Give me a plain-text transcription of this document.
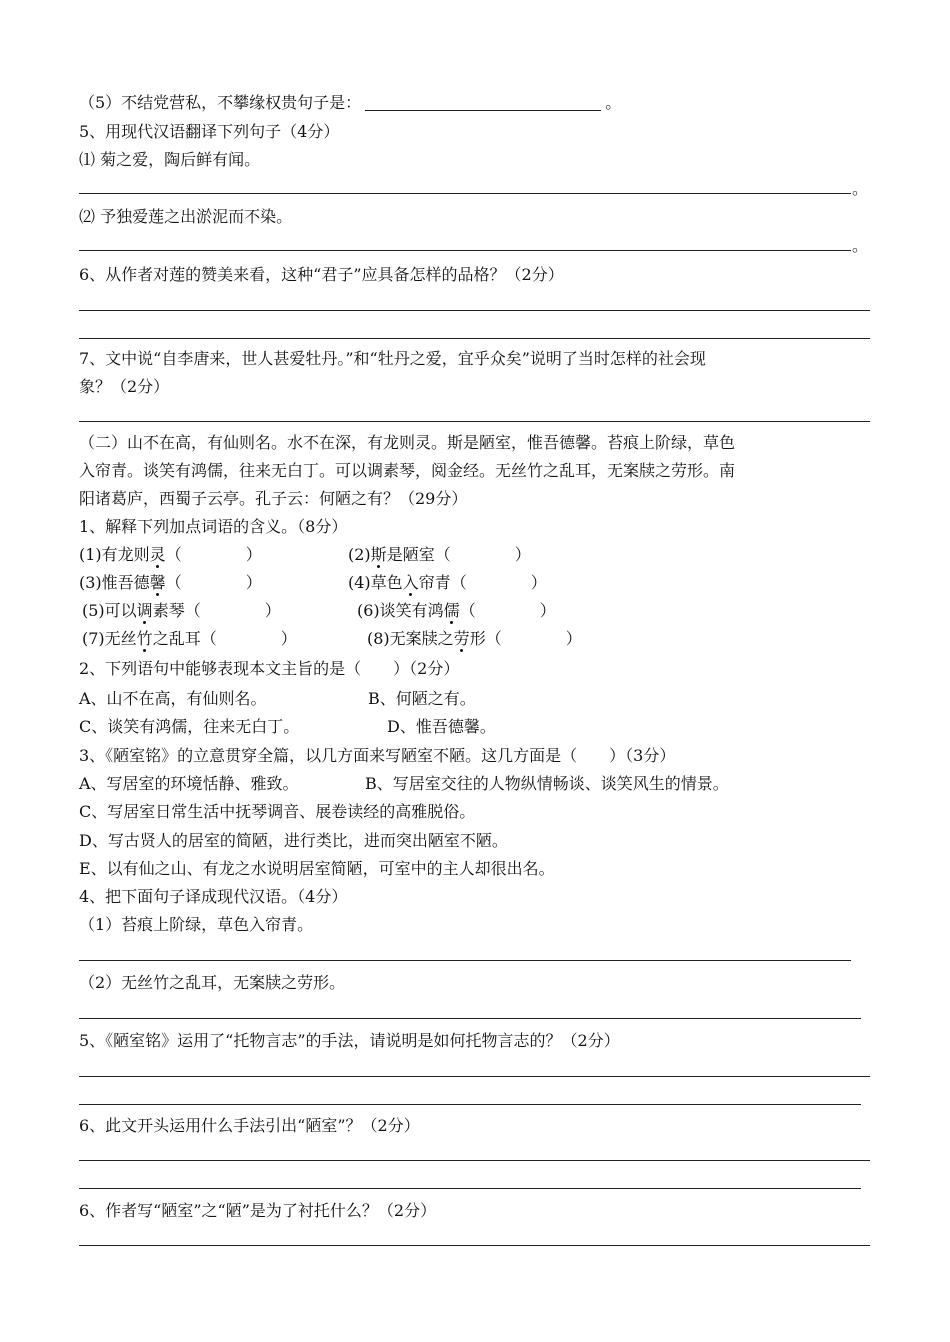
（5）不结党营私，不攀缘权贵句子是：	。
5、用现代汉语翻译下列句子（4分）
⑴ 菊之爱，陶后鲜有闻。
。
⑵ 予独爱莲之出淤泥而不染。
。
6、从作者对莲的赞美来看，这种“君子”应具备怎样的品格？（2分）
7、文中说“自李唐来，世人甚爱牡丹。”和“牡丹之爱，宜乎众矣”说明了当时怎样的社会现
象？（2分）
（二）山不在高，有仙则名。水不在深，有龙则灵。斯是陋室，惟吾德馨。苔痕上阶绿，草色
入帘青。谈笑有鸿儒，往来无白丁。可以调素琴，阅金经。无丝竹之乱耳，无案牍之劳形。南
阳诸葛庐，西蜀子云亭。孔子云：何陋之有？（29分）
1、解释下列加点词语的含义。（8分）
(1)有龙则灵（　　　　）	(2)斯是陋室（　　　　）
(3)惟吾德馨（　　　　）	(4)草色入帘青（　　　　）
(5)可以调素琴（　　　　）	(6)谈笑有鸿儒（　　　　）
(7)无丝竹之乱耳（　　　　）	(8)无案牍之劳形（　　　　）
2、下列语句中能够表现本文主旨的是（　　）（2分）
A、山不在高，有仙则名。	B、何陋之有。
C、谈笑有鸿儒，往来无白丁。	D、惟吾德馨。
3、《陋室铭》的立意贯穿全篇，以几方面来写陋室不陋。这几方面是（　　）（3分）
A、写居室的环境恬静、雅致。	B、写居室交往的人物纵情畅谈、谈笑风生的情景。
C、写居室日常生活中抚琴调音、展卷读经的高雅脱俗。
D、写古贤人的居室的简陋，进行类比，进而突出陋室不陋。
E、以有仙之山、有龙之水说明居室简陋，可室中的主人却很出名。
4、把下面句子译成现代汉语。（4分）
（1）苔痕上阶绿，草色入帘青。
（2）无丝竹之乱耳，无案牍之劳形。
5、《陋室铭》运用了“托物言志”的手法，请说明是如何托物言志的？（2分）
6、此文开头运用什么手法引出“陋室”？（2分）
6、作者写“陋室”之“陋”是为了衬托什么？（2分）
